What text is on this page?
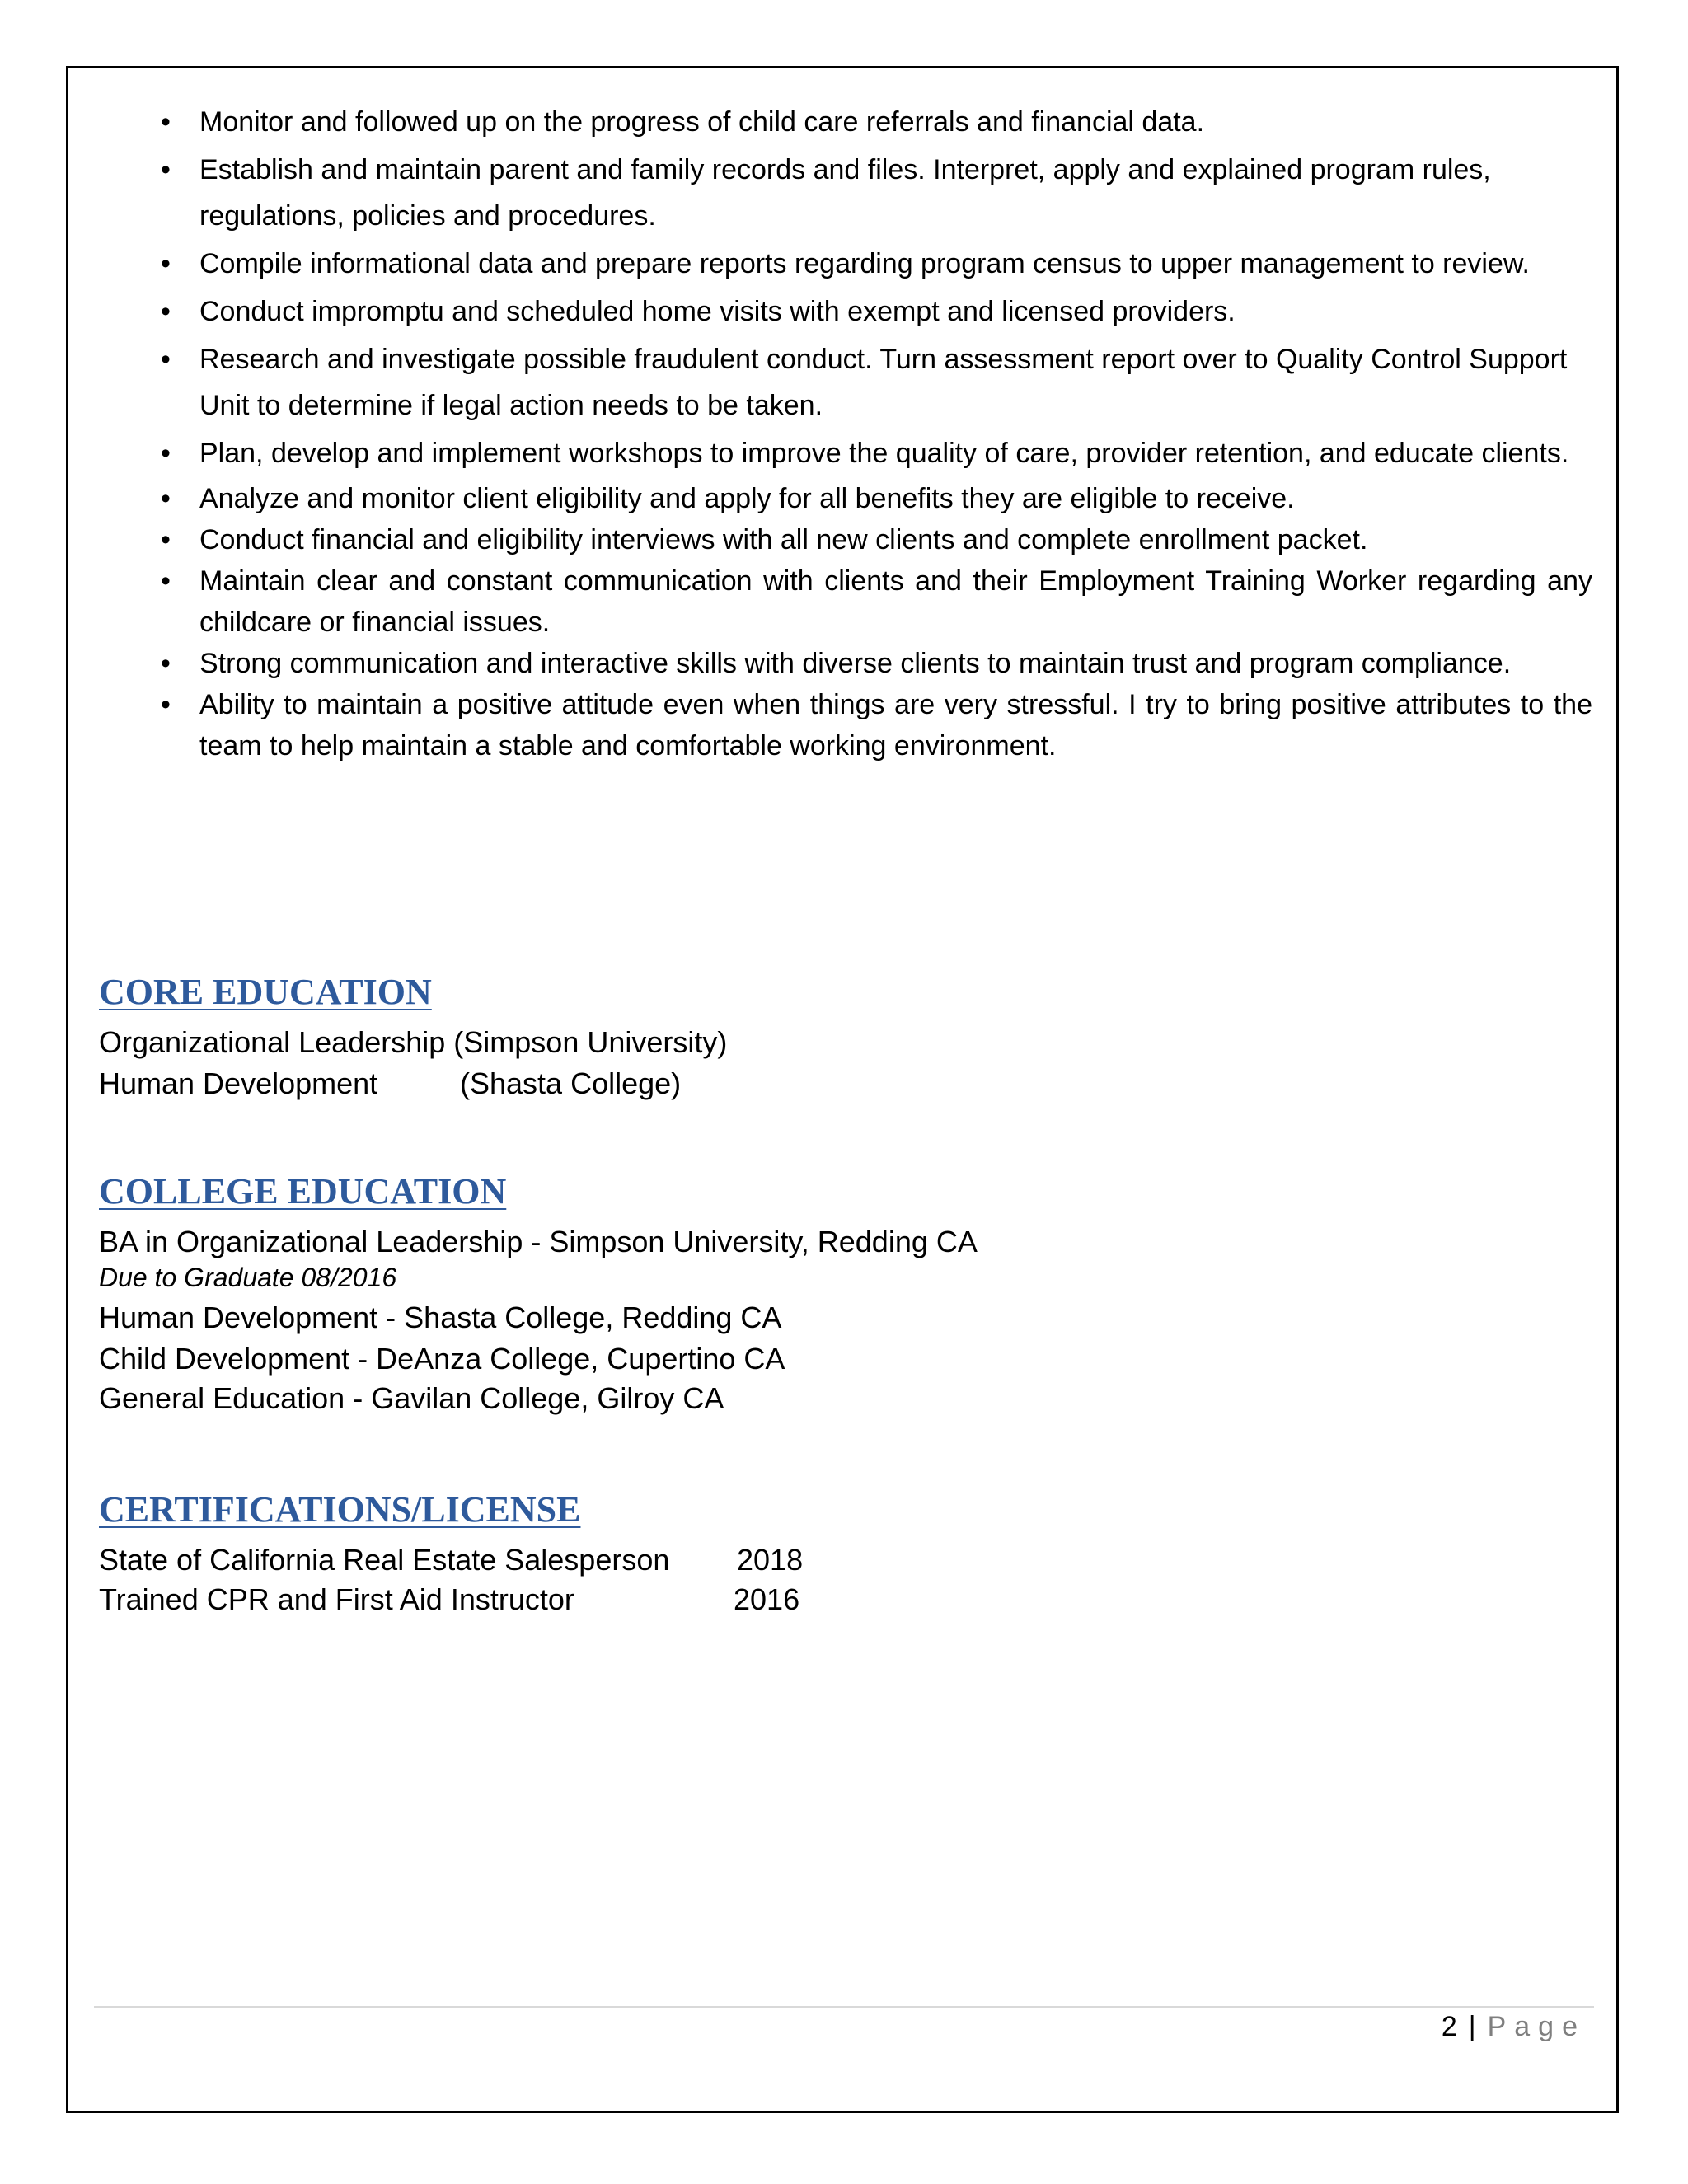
• Monitor and followed up on the progress of child care referrals and financial data.
• Establish and maintain parent and family records and files. Interpret, apply and explained program rules, regulations, policies and procedures.
• Compile informational data and prepare reports regarding program census to upper management to review.
• Conduct impromptu and scheduled home visits with exempt and licensed providers.
• Research and investigate possible fraudulent conduct. Turn assessment report over to Quality Control Support Unit to determine if legal action needs to be taken.
• Plan, develop and implement workshops to improve the quality of care, provider retention, and educate clients.
• Analyze and monitor client eligibility and apply for all benefits they are eligible to receive.
• Conduct financial and eligibility interviews with all new clients and complete enrollment packet.
• Maintain clear and constant communication with clients and their Employment Training Worker regarding any childcare or financial issues.
• Strong communication and interactive skills with diverse clients to maintain trust and program compliance.
• Ability to maintain a positive attitude even when things are very stressful. I try to bring positive attributes to the team to help maintain a stable and comfortable working environment.
CORE EDUCATION
Organizational Leadership (Simpson University)
Human Development	(Shasta College)
COLLEGE EDUCATION
BA in Organizational Leadership - Simpson University, Redding CA
Due to Graduate 08/2016
Human Development - Shasta College, Redding CA
Child Development - DeAnza College, Cupertino CA
General Education - Gavilan College, Gilroy CA
CERTIFICATIONS/LICENSE
State of California Real Estate Salesperson 2018
Trained CPR and First Aid Instructor	2016
2 | Page
